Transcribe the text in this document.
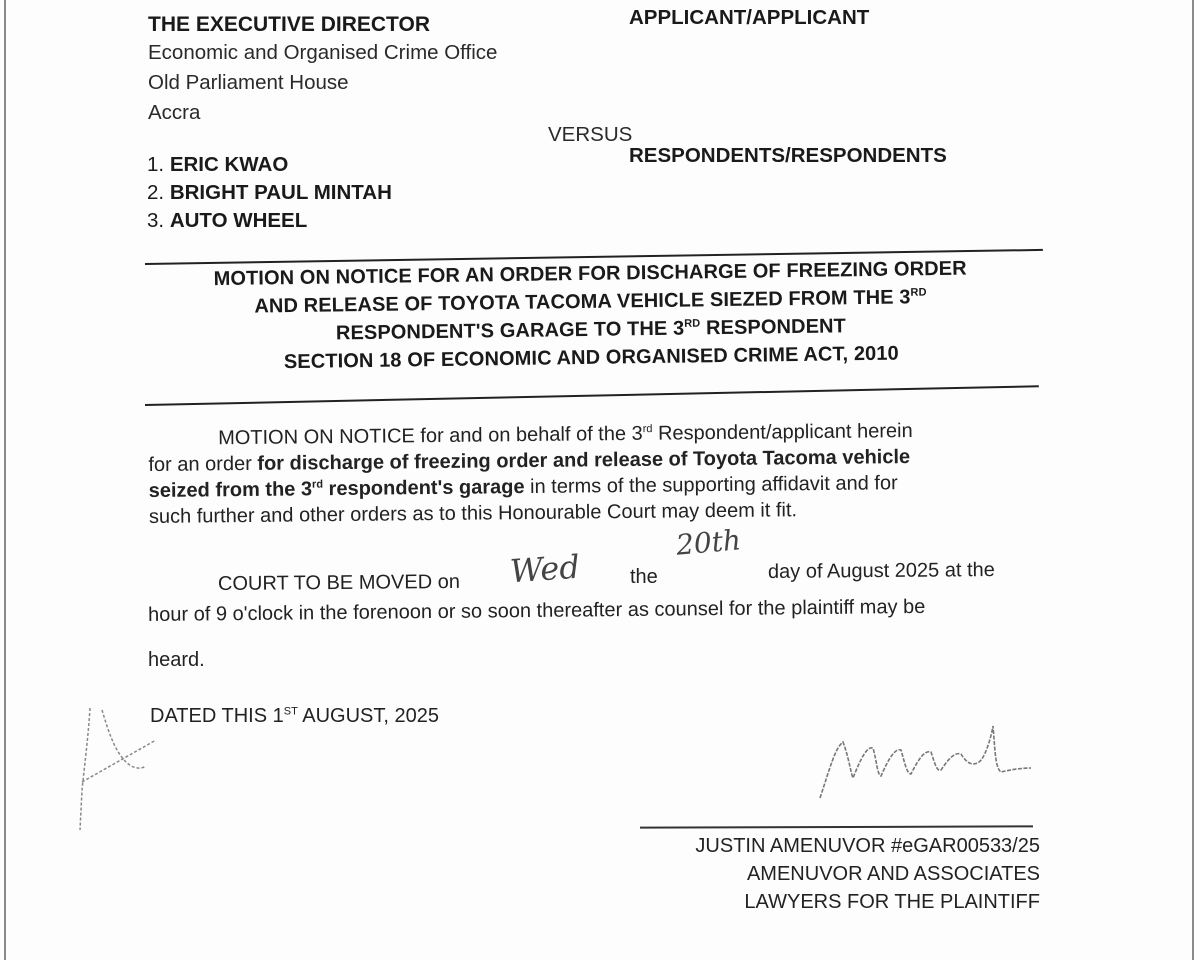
THE EXECUTIVE DIRECTOR
Economic and Organised Crime Office
Old Parliament House
Accra
APPLICANT/APPLICANT
VERSUS
1. ERIC KWAO
2. BRIGHT PAUL MINTAH
3. AUTO WHEEL
RESPONDENTS/RESPONDENTS
MOTION ON NOTICE FOR AN ORDER FOR DISCHARGE OF FREEZING ORDER
AND RELEASE OF TOYOTA TACOMA VEHICLE SIEZED FROM THE 3RD
RESPONDENT'S GARAGE TO THE 3RD RESPONDENT
SECTION 18 OF ECONOMIC AND ORGANISED CRIME ACT, 2010
MOTION ON NOTICE for and on behalf of the 3rd Respondent/applicant herein
for an order for discharge of freezing order and release of Toyota Tacoma vehicle
seized from the 3rd respondent's garage in terms of the supporting affidavit and for
such further and other orders as to this Honourable Court may deem it fit.
COURT TO BE MOVED on Wed the
20th
day of August 2025 at the
hour of 9 o'clock in the forenoon or so soon thereafter as counsel for the plaintiff may be
heard.
DATED THIS 1ST AUGUST, 2025
JUSTIN AMENUVOR #eGAR00533/25
AMENUVOR AND ASSOCIATES
LAWYERS FOR THE PLAINTIFF
